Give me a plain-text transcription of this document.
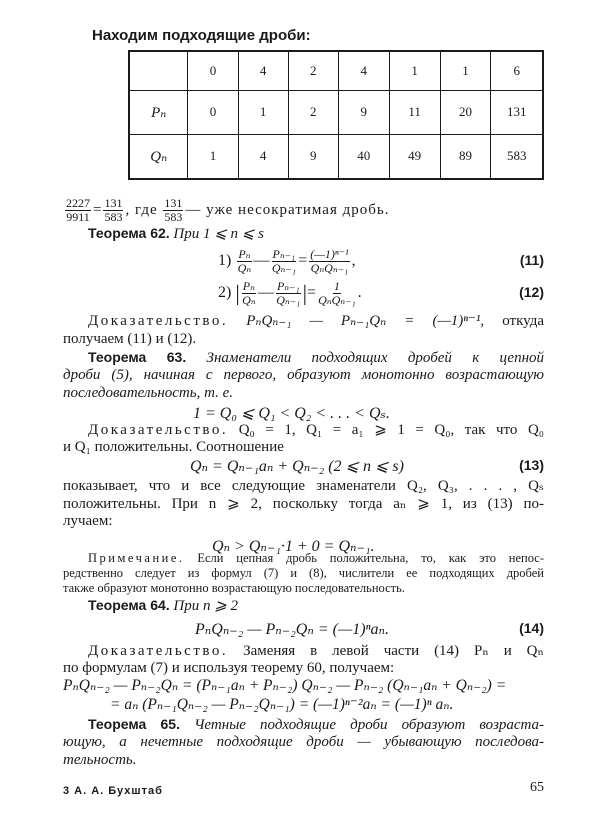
Находим подходящие дроби:
	0	4	2	4	1	1	6
Pₙ	0	1	2	9	11	20	131
Qₙ	1	4	9	40	49	89	583
$\frac{2227}{9911} = \frac{131}{583}$ , где $\frac{131}{583}$ — уже несократимая дробь.
Теорема 62. При 1 ⩽ n ⩽ s
$1) \frac{\text{Pₙ}}{\text{Qₙ}}$ — $\frac{\text{Pₙ₋₁}}{\text{Qₙ₋₁}} = \frac{\text{(—1)ⁿ⁻¹}}{\text{QₙQₙ₋₁}}$ ,	(11)
2) | $\frac{\text{Pₙ}}{\text{Qₙ}}$ — $\frac{\text{Pₙ₋₁}}{\text{Qₙ₋₁}}$ |= $\frac{1}{\text{QₙQₙ₋₁}}$ .	(12)
Доказательство. PₙQₙ₋₁ — Pₙ₋₁Qₙ = (—1)ⁿ⁻¹, откуда
получаем (11) и (12).
Теорема 63. Знаменатели подходящих дробей к цепной
дроби (5), начиная с первого, образуют монотонно возрастающую
последовательность, т. е.
1 = Q₀ ⩽ Q₁ < Q₂ < . . . < Qₛ.
Доказательство. Q₀ = 1, Q₁ = a₁ ⩾ 1 = Q₀, так что Q₀
и Q₁ положительны. Соотношение
Qₙ = Qₙ₋₁aₙ + Qₙ₋₂ (2 ⩽ n ⩽ s)	(13)
показывает, что и все следующие знаменатели Q₂, Q₃, . . . , Qₛ
положительны. При n ⩾ 2, поскольку тогда aₙ ⩾ 1, из (13) по-
лучаем:
Qₙ > Qₙ₋₁·1 + 0 = Qₙ₋₁.
Примечание. Если цепная дробь положительна, то, как это непос-
редственно следует из формул (7) и (8), числители ее подходящих дробей
также образуют монотонно возрастающую последовательность.
Теорема 64. При n ⩾ 2
PₙQₙ₋₂ — Pₙ₋₂Qₙ = (—1)ⁿaₙ.	(14)
Доказательство. Заменяя в левой части (14) Pₙ и Qₙ
по формулам (7) и используя теорему 60, получаем:
PₙQₙ₋₂ — Pₙ₋₂Qₙ = (Pₙ₋₁aₙ + Pₙ₋₂) Qₙ₋₂ — Pₙ₋₂ (Qₙ₋₁aₙ + Qₙ₋₂) =
= aₙ (Pₙ₋₁Qₙ₋₂ — Pₙ₋₂Qₙ₋₁) = (—1)ⁿ⁻²aₙ = (—1)ⁿ aₙ.
Теорема 65. Четные подходящие дроби образуют возраста-
ющую, а нечетные подходящие дроби — убывающую последова-
тельность.
3 А. А. Бухштаб	65
